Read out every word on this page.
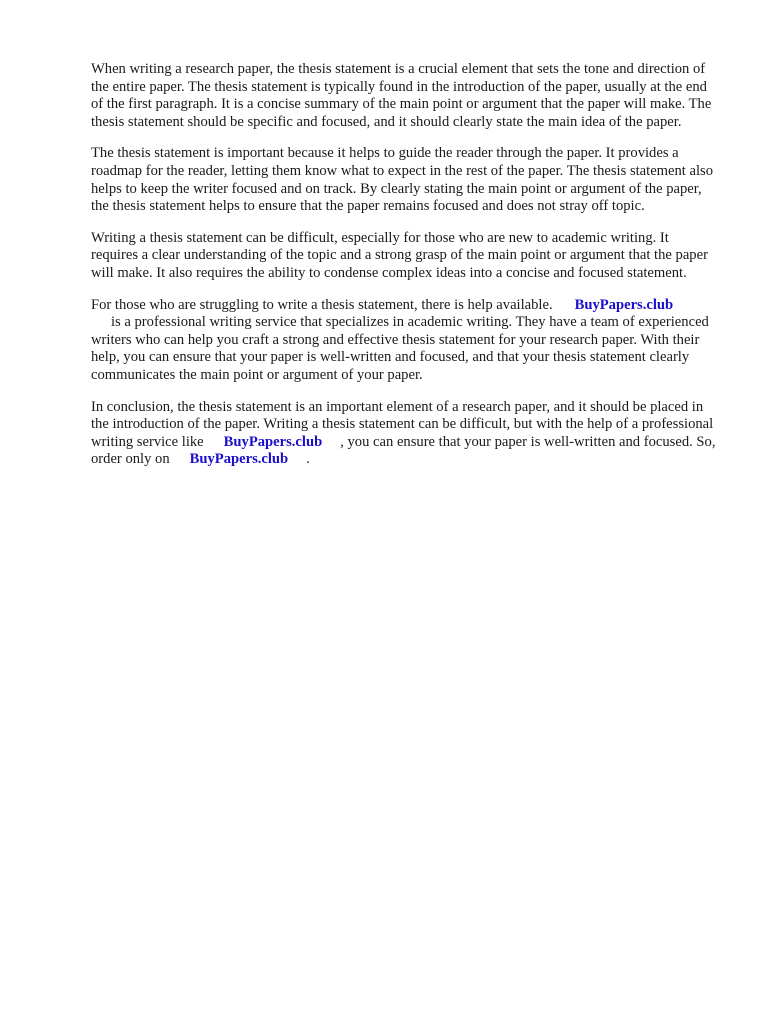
When writing a research paper, the thesis statement is a crucial element that sets the tone and direction of the entire paper. The thesis statement is typically found in the introduction of the paper, usually at the end of the first paragraph. It is a concise summary of the main point or argument that the paper will make. The thesis statement should be specific and focused, and it should clearly state the main idea of the paper.

The thesis statement is important because it helps to guide the reader through the paper. It provides a roadmap for the reader, letting them know what to expect in the rest of the paper. The thesis statement also helps to keep the writer focused and on track. By clearly stating the main point or argument of the paper, the thesis statement helps to ensure that the paper remains focused and does not stray off topic.

Writing a thesis statement can be difficult, especially for those who are new to academic writing. It requires a clear understanding of the topic and a strong grasp of the main point or argument that the paper will make. It also requires the ability to condense complex ideas into a concise and focused statement.

For those who are struggling to write a thesis statement, there is help available. BuyPapers.club
is a professional writing service that specializes in academic writing. They have a team of experienced writers who can help you craft a strong and effective thesis statement for your research paper. With their help, you can ensure that your paper is well-written and focused, and that your thesis statement clearly communicates the main point or argument of your paper.

In conclusion, the thesis statement is an important element of a research paper, and it should be placed in the introduction of the paper. Writing a thesis statement can be difficult, but with the help of a professional writing service like BuyPapers.club , you can ensure that your paper is well-written and focused. So, order only on BuyPapers.club .
